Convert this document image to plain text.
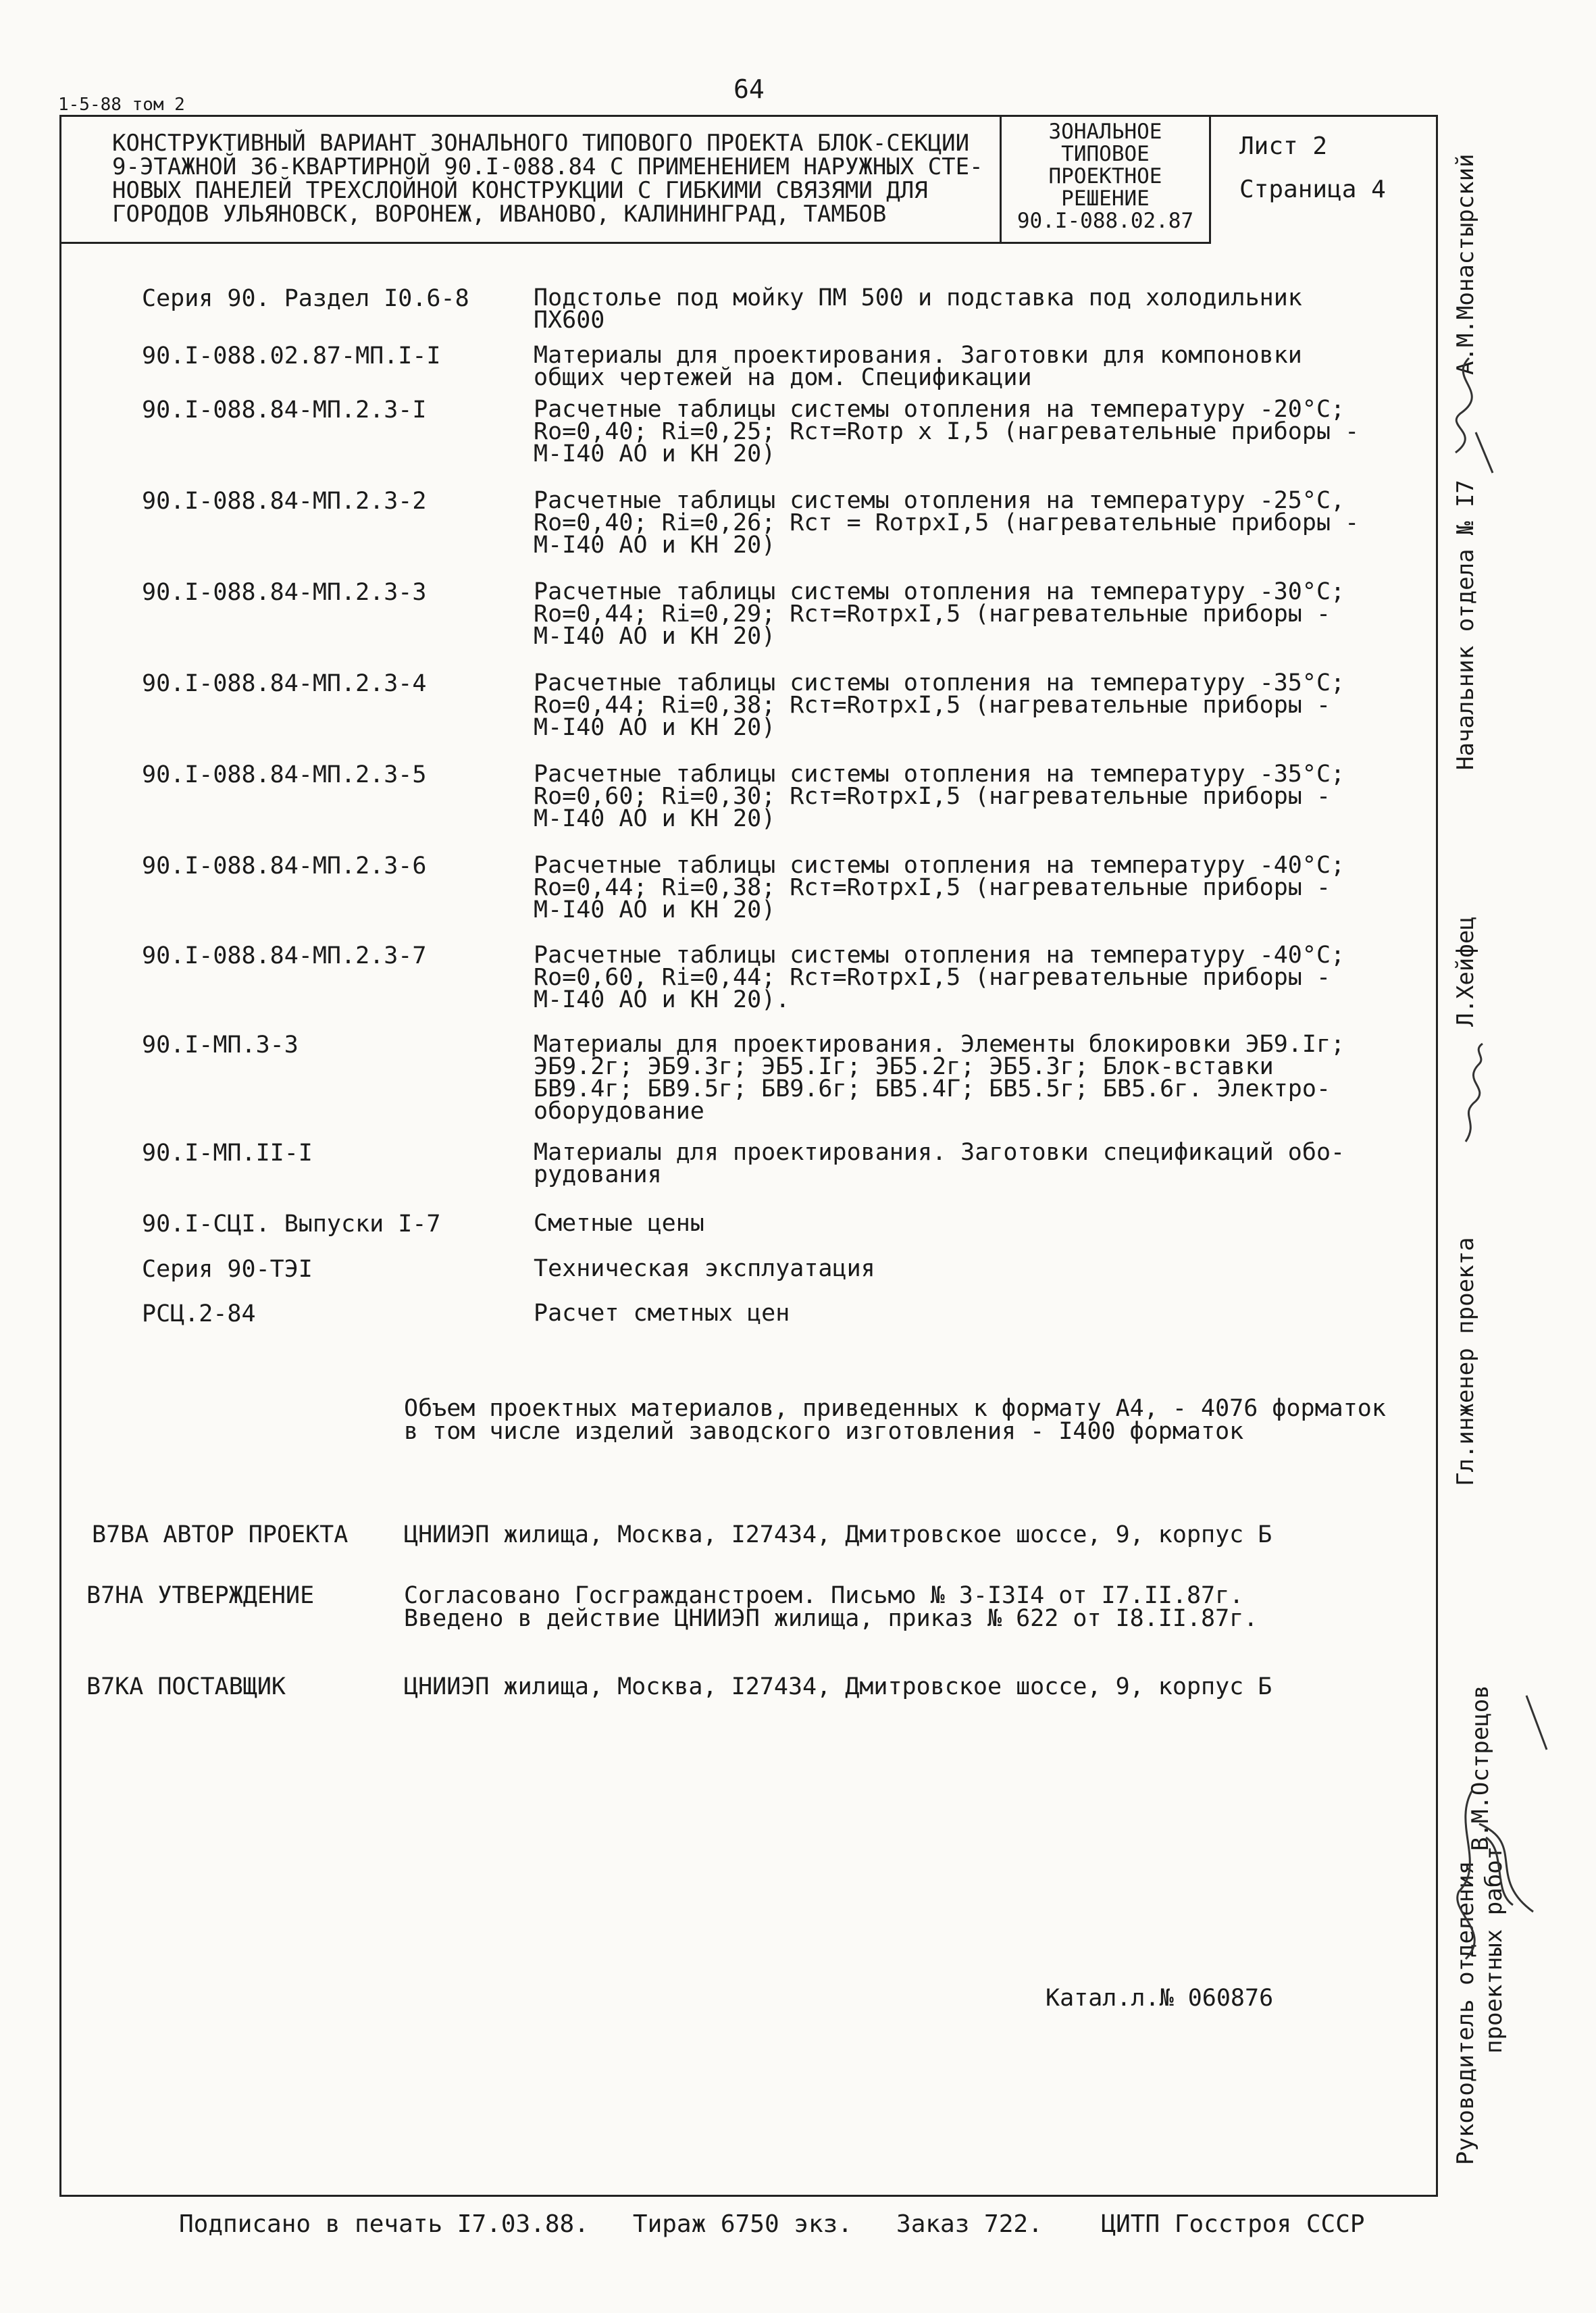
1-5-88 том 2
64
КОНСТРУКТИВНЫЙ ВАРИАНТ ЗОНАЛЬНОГО ТИПОВОГО ПРОЕКТА БЛОК-СЕКЦИИ
9-ЭТАЖНОЙ 36-КВАРТИРНОЙ 90.I-088.84 С ПРИМЕНЕНИЕМ НАРУЖНЫХ СТЕ-
НОВЫХ ПАНЕЛЕЙ ТРЕХСЛОЙНОЙ КОНСТРУКЦИИ С ГИБКИМИ СВЯЗЯМИ ДЛЯ
ГОРОДОВ УЛЬЯНОВСК, ВОРОНЕЖ, ИВАНОВО, КАЛИНИНГРАД, ТАМБОВ
ЗОНАЛЬНОЕ
ТИПОВОЕ
ПРОЕКТНОЕ
РЕШЕНИЕ
90.I-088.02.87
Лист 2
Страница 4
Серия 90. Раздел I0.6-8	Подстолье под мойку ПМ 500 и подставка под холодильник
ПХ600
90.I-088.02.87-МП.I-I	Материалы для проектирования. Заготовки для компоновки
общих чертежей на дом. Спецификации
90.I-088.84-МП.2.3-I	Расчетные таблицы системы отопления на температуру -20°С;
Ro=0,40; Ri=0,25; Rст=Roтр x I,5 (нагревательные приборы -
М-I40 АО и КН 20)
90.I-088.84-МП.2.3-2	Расчетные таблицы системы отопления на температуру -25°С,
Ro=0,40; Ri=0,26; Rст = RoтрxI,5 (нагревательные приборы -
М-I40 АО и КН 20)
90.I-088.84-МП.2.3-3	Расчетные таблицы системы отопления на температуру -30°С;
Ro=0,44; Ri=0,29; Rст=RoтрxI,5 (нагревательные приборы -
М-I40 АО и КН 20)
90.I-088.84-МП.2.3-4	Расчетные таблицы системы отопления на температуру -35°С;
Ro=0,44; Ri=0,38; Rст=RoтрxI,5 (нагревательные приборы -
М-I40 АО и КН 20)
90.I-088.84-МП.2.3-5	Расчетные таблицы системы отопления на температуру -35°С;
Ro=0,60; Ri=0,30; Rст=RoтрxI,5 (нагревательные приборы -
М-I40 АО и КН 20)
90.I-088.84-МП.2.3-6	Расчетные таблицы системы отопления на температуру -40°С;
Ro=0,44; Ri=0,38; Rст=RoтрxI,5 (нагревательные приборы -
М-I40 АО и КН 20)
90.I-088.84-МП.2.3-7	Расчетные таблицы системы отопления на температуру -40°С;
Ro=0,60, Ri=0,44; Rст=RoтрxI,5 (нагревательные приборы -
М-I40 АО и КН 20).
90.I-МП.3-3	Материалы для проектирования. Элементы блокировки ЭБ9.Iг;
ЭБ9.2г; ЭБ9.3г; ЭБ5.Iг; ЭБ5.2г; ЭБ5.3г; Блок-вставки
БВ9.4г; БВ9.5г; БВ9.6г; БВ5.4Г; БВ5.5г; БВ5.6г. Электро-
оборудование
90.I-МП.II-I	Материалы для проектирования. Заготовки спецификаций обо-
рудования
90.I-СЦI. Выпуски I-7	Сметные цены
Серия 90-ТЭI	Техническая эксплуатация
РСЦ.2-84	Расчет сметных цен
Объем проектных материалов, приведенных к формату А4, - 4076 форматок
в том числе изделий заводского изготовления - I400 форматок
В7ВА АВТОР ПРОЕКТА ЦНИИЭП жилища, Москва, I27434, Дмитровское шоссе, 9, корпус Б
В7НА УТВЕРЖДЕНИЕ	Согласовано Госгражданстроем. Письмо № 3-I3I4 от I7.II.87г.
Введено в действие ЦНИИЭП жилища, приказ № 622 от I8.II.87г.
В7КА ПОСТАВЩИК	ЦНИИЭП жилища, Москва, I27434, Дмитровское шоссе, 9, корпус Б
Катал.л.№ 060876
Подписано в печать I7.03.88.   Тираж 6750 экз.   Заказ 722.    ЦИТП Госстроя СССР
А.М.Монастырский
Начальник отдела № I7
Л.Хейфец
Гл.инженер проекта
В.М.Острецов
Руководитель отделения проектных работ
